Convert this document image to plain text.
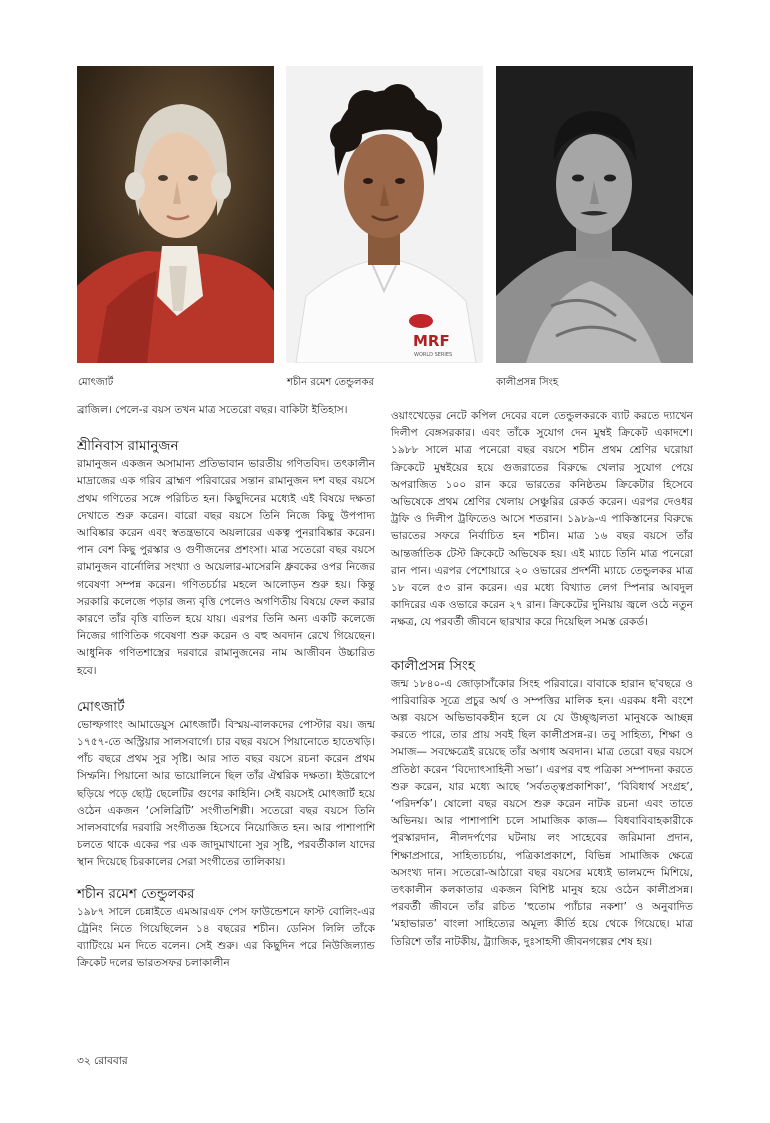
MRF
WORLD SERIES
মোৎজার্ট	শচীন রমেশ তেন্ডুলকর	কালীপ্রসন্ন সিংহ

ব্রাজিল। পেলে-র বয়স তখন মাত্র সতেরো বছর। বাকিটা ইতিহাস।

শ্রীনিবাস রামানুজন

রামানুজন একজন অসামান্য প্রতিভাবান ভারতীয় গণিতবিদ। তৎকালীন মাদ্রাজের এক গরিব ব্রাহ্মণ পরিবারের সন্তান রামানুজন দশ বছর বয়সে প্রথম গণিতের সঙ্গে পরিচিত হন। কিছুদিনের মধ্যেই এই বিষয়ে দক্ষতা দেখাতে শুরু করেন। বারো বছর বয়সে তিনি নিজে কিছু উপপাদ্য আবিষ্কার করেন এবং স্বতন্ত্রভাবে অয়লারের একত্ব পুনরাবিষ্কার করেন। পান বেশ কিছু পুরস্কার ও গুণীজনের প্রশংসা। মাত্র সতেরো বছর বয়সে রামানুজন বার্নোলির সংখ্যা ও অয়েলার-মাসেরনি ধ্রুবকের ওপর নিজের গবেষণা সম্পন্ন করেন। গণিতচর্চার মহলে আলোড়ন শুরু হয়। কিন্তু সরকারি কলেজে পড়ার জন্য বৃত্তি পেলেও অগণিতীয় বিষয়ে ফেল করার কারণে তাঁর বৃত্তি বাতিল হয়ে যায়। এরপর তিনি অন্য একটি কলেজে নিজের গাণিতিক গবেষণা শুরু করেন ও বহু অবদান রেখে গিয়েছেন। আধুনিক গণিতশাস্ত্রের দরবারে রামানুজনের নাম আজীবন উচ্চারিত হবে।

মোৎজার্ট

ভোল্ফগাংং আমাডেয়ুস মোৎজার্ট। বিস্ময়-বালকদের পোস্টার বয়। জন্ম ১৭৫৭-তে অস্ট্রিয়ার সালসবার্গে। চার বছর বয়সে পিয়ানোতে হাতেখড়ি। পাঁচ বছরে প্রথম সুর সৃষ্টি। আর সাত বছর বয়সে রচনা করেন প্রথম সিম্ফনি। পিয়ানো আর ভায়োলিনে ছিল তাঁর ঐশ্বরিক দক্ষতা। ইউরোপে ছড়িয়ে পড়ে ছোট্ট ছেলেটির গুণের কাহিনি। সেই বয়সেই মোৎজার্ট হয়ে ওঠেন একজন ‘সেলিব্রিটি’ সংগীতশিল্পী। সতেরো বছর বয়সে তিনি সালসবার্গের দরবারি সংগীতজ্ঞ হিসেবে নিয়োজিত হন। আর পাশাপাশি চলতে থাকে একের পর এক জাদুমাখানো সুর সৃষ্টি, পরবর্তীকাল যাদের স্থান দিয়েছে চিরকালের সেরা সংগীতের তালিকায়।

শচীন রমেশ তেন্ডুলকর

১৯৮৭ সালে চেন্নাইতে এমআরএফ পেস ফাউন্ডেশনে ফাস্ট বোলিং-এর ট্রেনিং নিতে গিয়েছিলেন ১৪ বছরের শচীন। ডেনিস লিলি তাঁকে ব্যাটিংয়ে মন দিতে বলেন। সেই শুরু। এর কিছুদিন পরে নিউজিল্যান্ড ক্রিকেট দলের ভারতসফর চলাকালীন

ওয়াংখেড়ের নেটে কপিল দেবের বলে তেন্ডুলকরকে ব্যাট করতে দ্যাখেন দিলীপ বেঙ্গসরকার। এবং তাঁকে সুযোগ দেন মুম্বই ক্রিকেট একাদশে। ১৯৮৮ সালে মাত্র পনেরো বছর বয়সে শচীন প্রথম শ্রেণির ঘরোয়া ক্রিকেটে মুম্বইয়ের হয়ে গুজরাতের বিরুদ্ধে খেলার সুযোগ পেয়ে অপরাজিত ১০০ রান করে ভারতের কনিষ্ঠতম ক্রিকেটার হিসেবে অভিষেকে প্রথম শ্রেণির খেলায় সেঞ্চুরির রেকর্ড করেন। এরপর দেওধর ট্রফি ও দিলীপ ট্রফিতেও আসে শতরান। ১৯৮৯-এ পাকিস্তানের বিরুদ্ধে ভারতের সফরে নির্বাচিত হন শচীন। মাত্র ১৬ বছর বয়সে তাঁর আন্তর্জাতিক টেস্ট ক্রিকেটে অভিষেক হয়। এই ম্যাচে তিনি মাত্র পনেরো রান পান। এরপর পেশোয়ারে ২০ ওভারের প্রদর্শনী ম্যাচে তেন্ডুলকর মাত্র ১৮ বলে ৫৩ রান করেন। এর মধ্যে বিখ্যাত লেগ স্পিনার আবদুল কাদিরের এক ওভারে করেন ২৭ রান। ক্রিকেটের দুনিয়ায় জ্বলে ওঠে নতুন নক্ষত্র, যে পরবর্তী জীবনে ছারখার করে দিয়েছিল সমস্ত রেকর্ড।

কালীপ্রসন্ন সিংহ

জন্ম ১৮৪০-এ জোড়াসাঁকোর সিংহ পরিবারে। বাবাকে হারান ছ'বছরে ও পারিবারিক সূত্রে প্রচুর অর্থ ও সম্পত্তির মালিক হন। এরকম ধনী বংশে অল্প বয়সে অভিভাবকহীন হলে যে যে উচ্ছৃঙ্খলতা মানুষকে আচ্ছন্ন করতে পারে, তার প্রায় সবই ছিল কালীপ্রসন্ন-র। তবু সাহিত্য, শিক্ষা ও সমাজ— সবক্ষেত্রেই রয়েছে তাঁর অগাধ অবদান। মাত্র তেরো বছর বয়সে প্রতিষ্ঠা করেন ‘বিদ্যোৎসাহিনী সভা’। এরপর বহু পত্রিকা সম্পাদনা করতে শুরু করেন, যার মধ্যে আছে ‘সর্বতত্ত্বপ্রকাশিকা’, ‘বিবিধার্থ সংগ্রহ’, ‘পরিদর্শক’। ষোলো বছর বয়সে শুরু করেন নাটক রচনা এবং তাতে অভিনয়। আর পাশাপাশি চলে সামাজিক কাজ— বিধবাবিবাহকারীকে পুরস্কারদান, নীলদর্পণের ঘটনায় লং সাহেবের জরিমানা প্রদান, শিক্ষাপ্রসারে, সাহিত্যচর্চায়, পত্রিকাপ্রকাশে, বিভিন্ন সামাজিক ক্ষেত্রে অসংখ্য দান। সতেরো-আঠারো বছর বয়সের মধ্যেই ভালমন্দে মিশিয়ে, তৎকালীন কলকাতার একজন বিশিষ্ট মানুষ হয়ে ওঠেন কালীপ্রসন্ন। পরবর্তী জীবনে তাঁর রচিত ‘হুতোম প্যাঁচার নকশা’ ও অনুবাদিত ‘মহাভারত’ বাংলা সাহিত্যের অমূল্য কীর্তি হয়ে থেকে গিয়েছে। মাত্র তিরিশে তাঁর নাটকীয়, ট্র্যাজিক, দুঃসাহসী জীবনগল্পের শেষ হয়।

৩২ রোববার
